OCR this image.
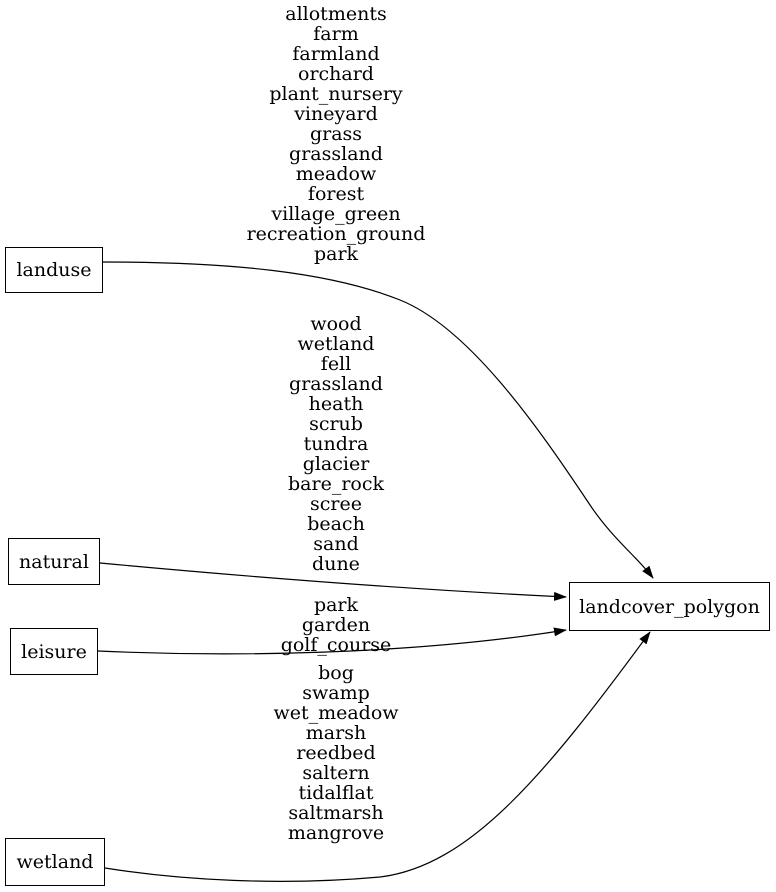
landuse
natural
leisure
wetland
landcover_polygon
allotments
farm
farmland
orchard
plant_nursery
vineyard
grass
grassland
meadow
forest
village_green
recreation_ground
park
wood
wetland
fell
grassland
heath
scrub
tundra
glacier
bare_rock
scree
beach
sand
dune
park
garden
golf_course
bog
swamp
wet_meadow
marsh
reedbed
saltern
tidalflat
saltmarsh
mangrove
